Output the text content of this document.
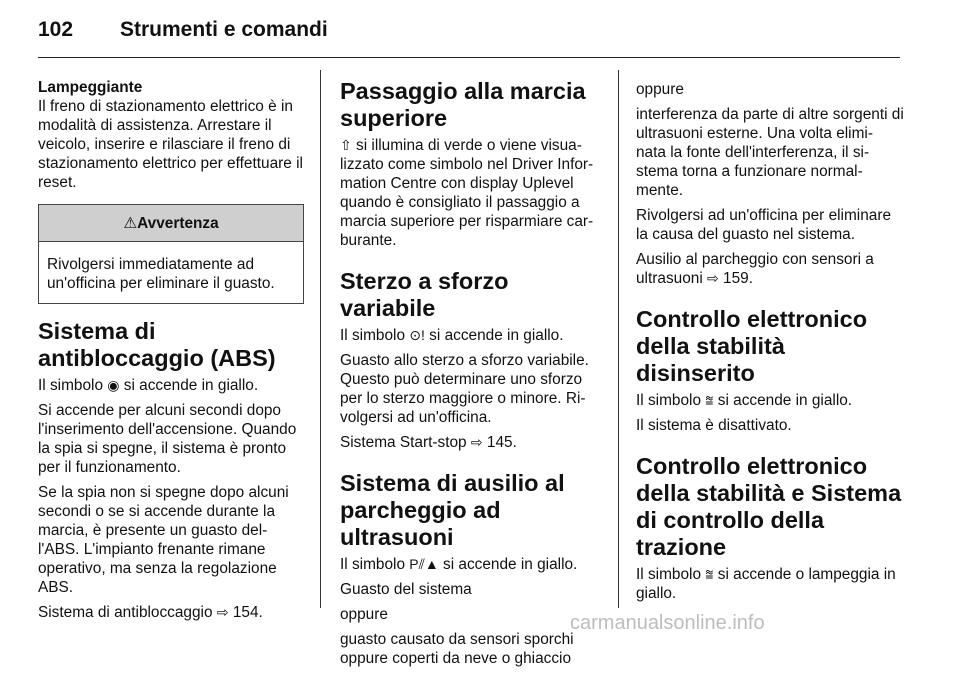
102 Strumenti e comandi
Lampeggiante

Il freno di stazionamento elettrico è in modalità di assistenza. Arrestare il veicolo, inserire e rilasciare il freno di stazionamento elettrico per effettuare il reset.

⚠Avvertenza
Rivolgersi immediatamente ad un'officina per eliminare il guasto.
Sistema di antibloccaggio (ABS)

Il simbolo ◉ si accende in giallo.

Si accende per alcuni secondi dopo l'inserimento dell'accensione. Quando la spia si spegne, il sistema è pronto per il funzionamento.

Se la spia non si spegne dopo alcuni secondi o se si accende durante la marcia, è presente un guasto del- l'ABS. L'impianto frenante rimane operativo, ma senza la regolazione ABS.

Sistema di antibloccaggio ⇨ 154.

Passaggio alla marcia superiore

⇧ si illumina di verde o viene visua- lizzato come simbolo nel Driver Infor- mation Centre con display Uplevel quando è consigliato il passaggio a marcia superiore per risparmiare car- burante.

Sterzo a sforzo variabile

Il simbolo ⊙! si accende in giallo.

Guasto allo sterzo a sforzo variabile. Questo può determinare uno sforzo per lo sterzo maggiore o minore. Ri- volgersi ad un'officina.

Sistema Start-stop ⇨ 145.

Sistema di ausilio al parcheggio ad ultrasuoni

Il simbolo P⫽▲ si accende in giallo.

Guasto del sistema

oppure

guasto causato da sensori sporchi oppure coperti da neve o ghiaccio

oppure

interferenza da parte di altre sorgenti di ultrasuoni esterne. Una volta elimi- nata la fonte dell'interferenza, il si- stema torna a funzionare normal- mente.

Rivolgersi ad un'officina per eliminare la causa del guasto nel sistema.

Ausilio al parcheggio con sensori a ultrasuoni ⇨ 159.

Controllo elettronico della stabilità disinserito

Il simbolo ⩰ si accende in giallo.

Il sistema è disattivato.

Controllo elettronico della stabilità e Sistema di controllo della trazione

Il simbolo ⩰ si accende o lampeggia in giallo.

carmanualsonline.info
